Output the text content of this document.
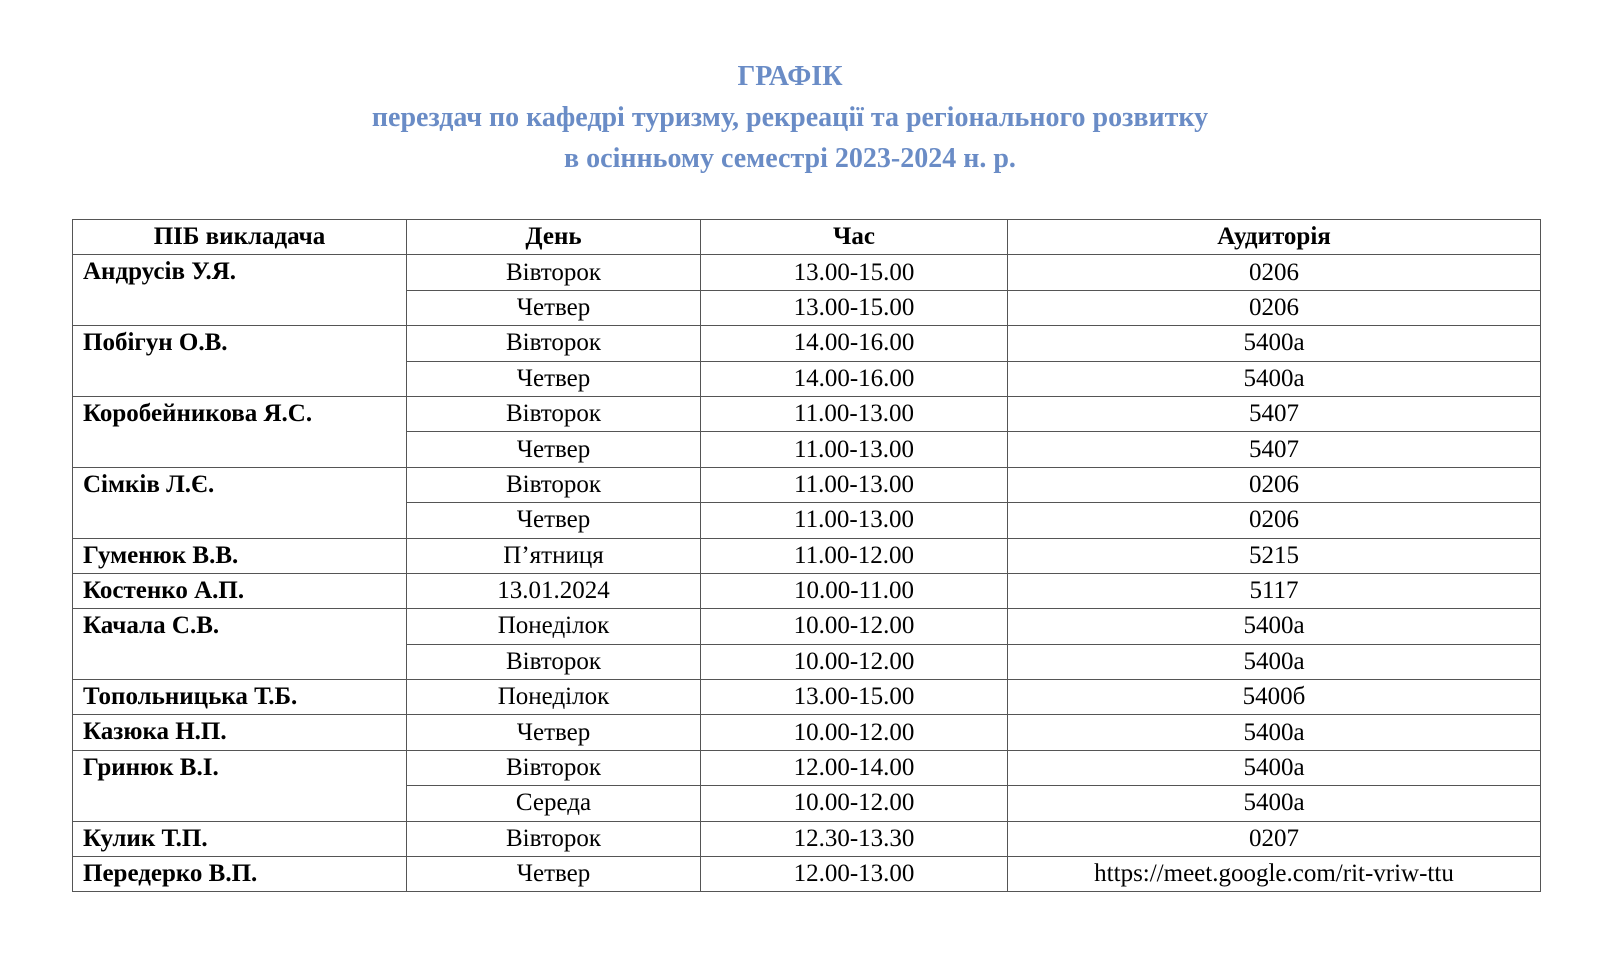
ГРАФІК
перездач по кафедрі туризму, рекреації та регіонального розвитку
в осінньому семестрі 2023-2024 н. р.
ПІБ викладача	День	Час	Аудиторія
Андрусів У.Я.	Вівторок	13.00-15.00	0206
	Четвер	13.00-15.00	0206
Побігун О.В.	Вівторок	14.00-16.00	5400а
	Четвер	14.00-16.00	5400а
Коробейникова Я.С.	Вівторок	11.00-13.00	5407
	Четвер	11.00-13.00	5407
Сімків Л.Є.	Вівторок	11.00-13.00	0206
	Четвер	11.00-13.00	0206
Гуменюк В.В.	П’ятниця	11.00-12.00	5215
Костенко А.П.	13.01.2024	10.00-11.00	5117
Качала С.В.	Понеділок	10.00-12.00	5400а
	Вівторок	10.00-12.00	5400а
Топольницька Т.Б.	Понеділок	13.00-15.00	5400б
Казюка Н.П.	Четвер	10.00-12.00	5400а
Гринюк В.І.	Вівторок	12.00-14.00	5400а
	Середа	10.00-12.00	5400а
Кулик Т.П.	Вівторок	12.30-13.30	0207
Передерко В.П.	Четвер	12.00-13.00	https://meet.google.com/rit-vriw-ttu
